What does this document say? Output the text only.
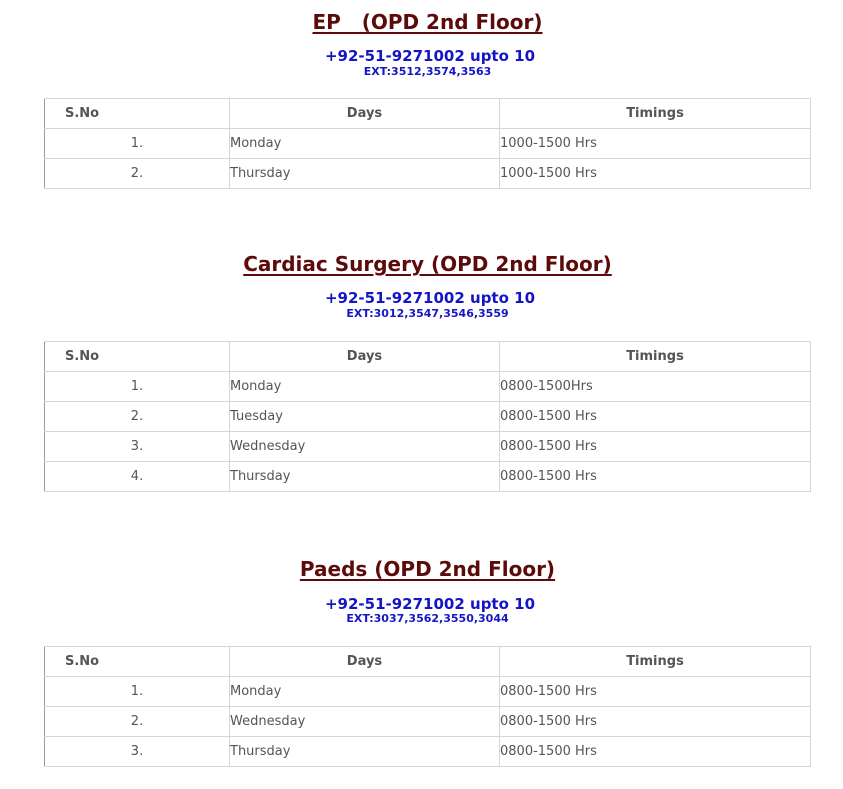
EP   (OPD 2nd Floor)
+92-51-9271002 upto 10
EXT:3512,3574,3563
S.No	Days	Timings
1.	Monday	1000-1500 Hrs
2.	Thursday	1000-1500 Hrs
Cardiac Surgery (OPD 2nd Floor)
+92-51-9271002 upto 10
EXT:3012,3547,3546,3559
S.No	Days	Timings
1.	Monday	0800-1500Hrs
2.	Tuesday	0800-1500 Hrs
3.	Wednesday	0800-1500 Hrs
4.	Thursday	0800-1500 Hrs
Paeds (OPD 2nd Floor)
+92-51-9271002 upto 10
EXT:3037,3562,3550,3044
S.No	Days	Timings
1.	Monday	0800-1500 Hrs
2.	Wednesday	0800-1500 Hrs
3.	Thursday	0800-1500 Hrs
